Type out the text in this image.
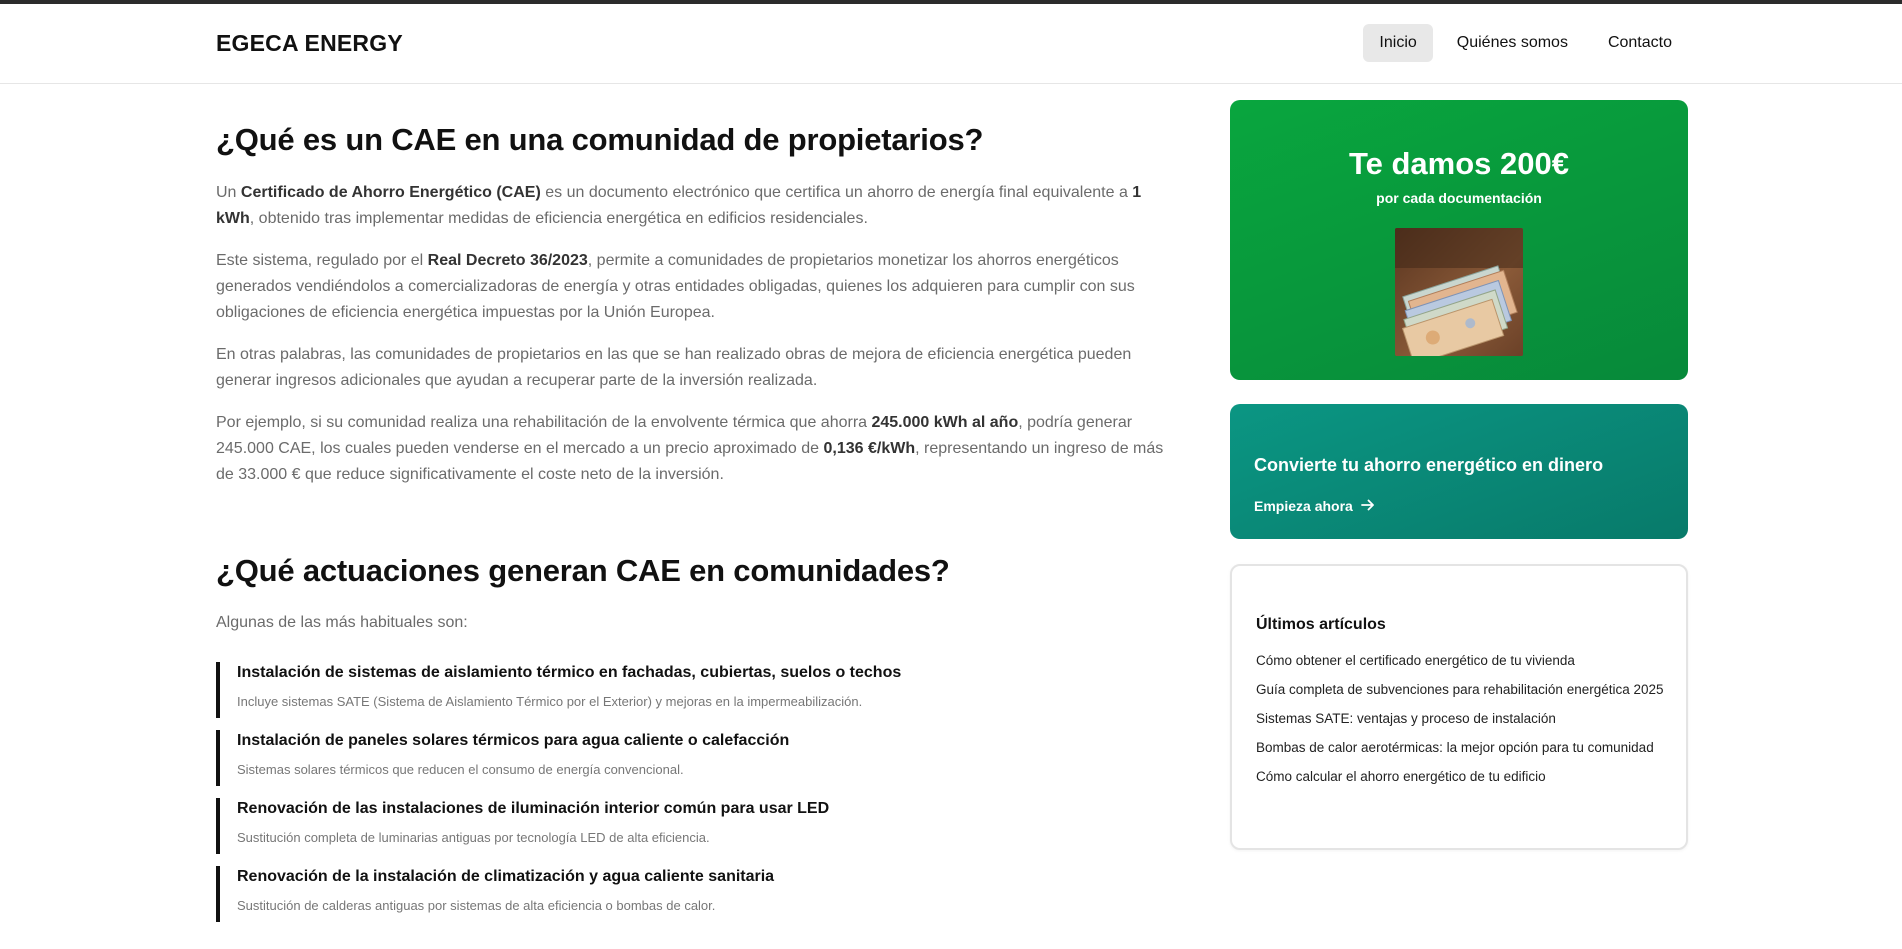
EGECA ENERGY	Inicio	Quiénes somos	Contacto
¿Qué es un CAE en una comunidad de propietarios?

Un Certificado de Ahorro Energético (CAE) es un documento electrónico que certifica un ahorro de energía final equivalente a 1 kWh, obtenido tras implementar medidas de eficiencia energética en edificios residenciales.

Este sistema, regulado por el Real Decreto 36/2023, permite a comunidades de propietarios monetizar los ahorros energéticos generados vendiéndolos a comercializadoras de energía y otras entidades obligadas, quienes los adquieren para cumplir con sus obligaciones de eficiencia energética impuestas por la Unión Europea.

En otras palabras, las comunidades de propietarios en las que se han realizado obras de mejora de eficiencia energética pueden generar ingresos adicionales que ayudan a recuperar parte de la inversión realizada.

Por ejemplo, si su comunidad realiza una rehabilitación de la envolvente térmica que ahorra 245.000 kWh al año, podría generar 245.000 CAE, los cuales pueden venderse en el mercado a un precio aproximado de 0,136 €/kWh, representando un ingreso de más de 33.000 € que reduce significativamente el coste neto de la inversión.

¿Qué actuaciones generan CAE en comunidades?

Algunas de las más habituales son:

Instalación de sistemas de aislamiento térmico en fachadas, cubiertas, suelos o techos
Incluye sistemas SATE (Sistema de Aislamiento Térmico por el Exterior) y mejoras en la impermeabilización.
Instalación de paneles solares térmicos para agua caliente o calefacción
Sistemas solares térmicos que reducen el consumo de energía convencional.
Renovación de las instalaciones de iluminación interior común para usar LED
Sustitución completa de luminarias antiguas por tecnología LED de alta eficiencia.
Renovación de la instalación de climatización y agua caliente sanitaria
Sustitución de calderas antiguas por sistemas de alta eficiencia o bombas de calor.
Te damos 200€
por cada documentación
Convierte tu ahorro energético en dinero
Empieza ahora
Últimos artículos
Cómo obtener el certificado energético de tu vivienda
Guía completa de subvenciones para rehabilitación energética 2025
Sistemas SATE: ventajas y proceso de instalación
Bombas de calor aerotérmicas: la mejor opción para tu comunidad
Cómo calcular el ahorro energético de tu edificio
